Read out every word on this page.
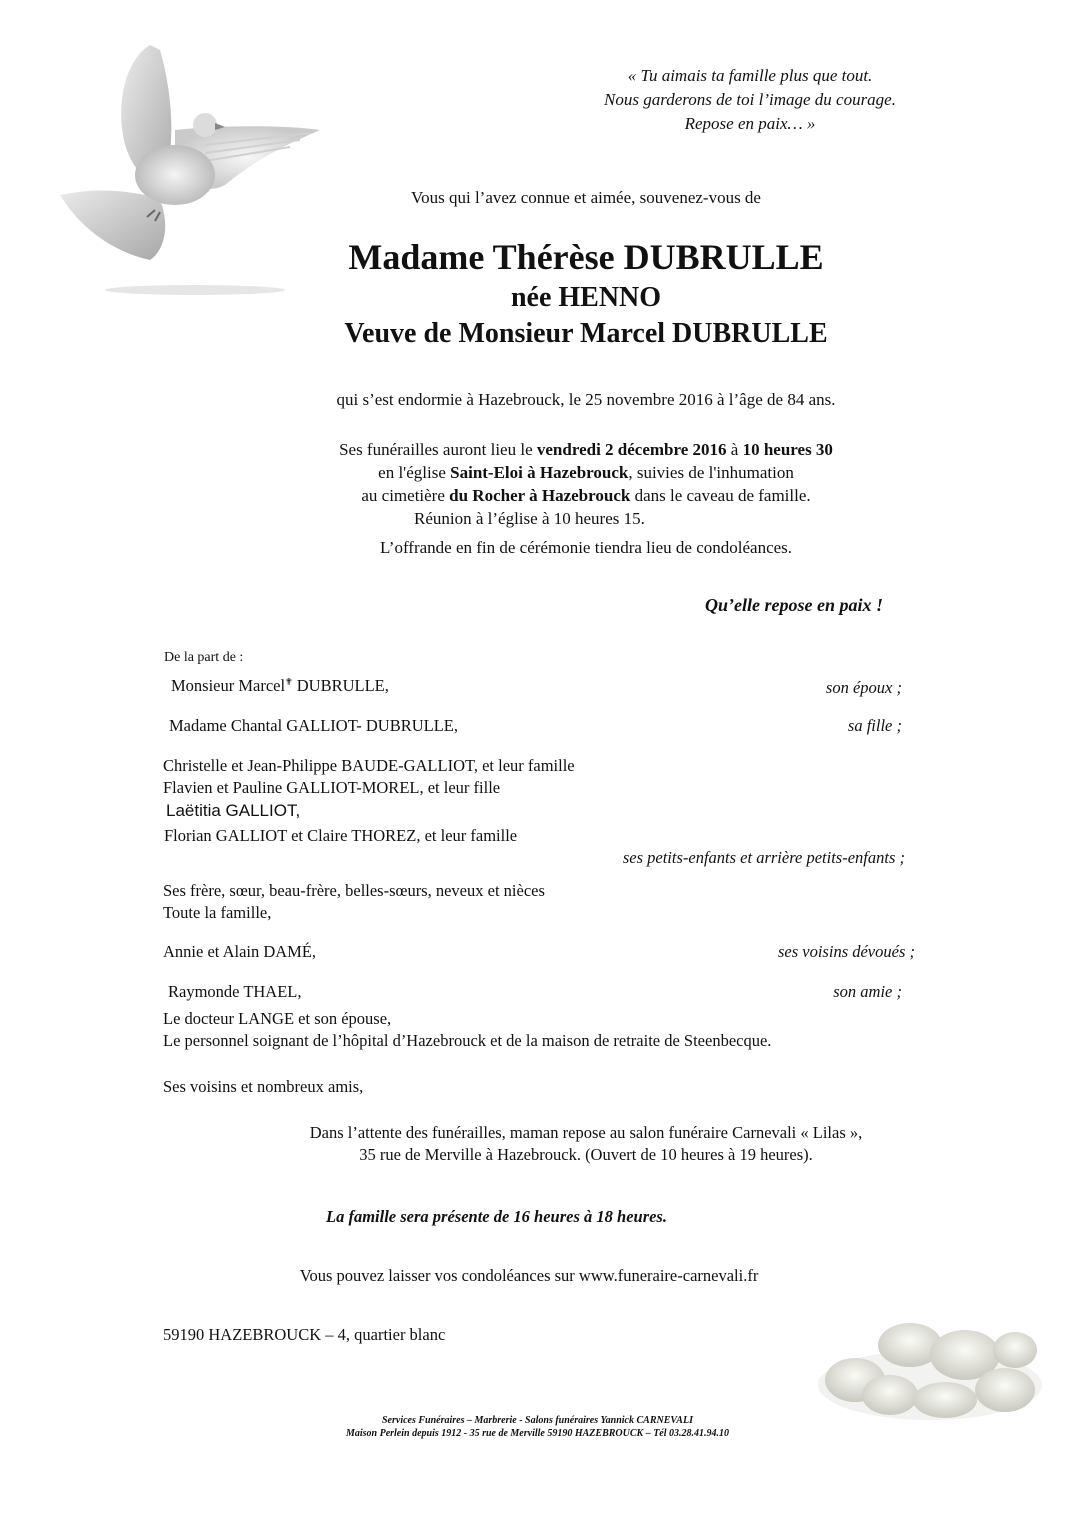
« Tu aimais ta famille plus que tout.
Nous garderons de toi l’image du courage.
Repose en paix… »
Vous qui l’avez connue et aimée, souvenez-vous de
Madame Thérèse DUBRULLE
née HENNO
Veuve de Monsieur Marcel DUBRULLE
qui s’est endormie à Hazebrouck, le 25 novembre 2016 à l’âge de 84 ans.
Ses funérailles auront lieu le vendredi 2 décembre 2016 à 10 heures 30
en l'église Saint-Eloi à Hazebrouck, suivies de l'inhumation
au cimetière du Rocher à Hazebrouck dans le caveau de famille.
Réunion à l’église à 10 heures 15.
L’offrande en fin de cérémonie tiendra lieu de condoléances.
Qu’elle repose en paix !
De la part de :
Monsieur Marcel✟ DUBRULLE,	son époux ;
Madame Chantal GALLIOT- DUBRULLE,	sa fille ;
Christelle et Jean-Philippe BAUDE-GALLIOT, et leur famille
Flavien et Pauline GALLIOT-MOREL, et leur fille
Laëtitia GALLIOT,
Florian GALLIOT et Claire THOREZ, et leur famille
ses petits-enfants et arrière petits-enfants ;
Ses frère, sœur, beau-frère, belles-sœurs, neveux et nièces
Toute la famille,
Annie et Alain DAMÉ,	ses voisins dévoués ;
Raymonde THAEL,	son amie ;
Le docteur LANGE et son épouse,
Le personnel soignant de l’hôpital d’Hazebrouck et de la maison de retraite de Steenbecque.
Ses voisins et nombreux amis,
Dans l’attente des funérailles, maman repose au salon funéraire Carnevali « Lilas »,
35 rue de Merville à Hazebrouck. (Ouvert de 10 heures à 19 heures).
La famille sera présente de 16 heures à 18 heures.
Vous pouvez laisser vos condoléances sur www.funeraire-carnevali.fr
59190 HAZEBROUCK – 4, quartier blanc
Services Funéraires – Marbrerie - Salons funéraires Yannick CARNEVALI
Maison Perlein depuis 1912 - 35 rue de Merville 59190 HAZEBROUCK – Tél 03.28.41.94.10
